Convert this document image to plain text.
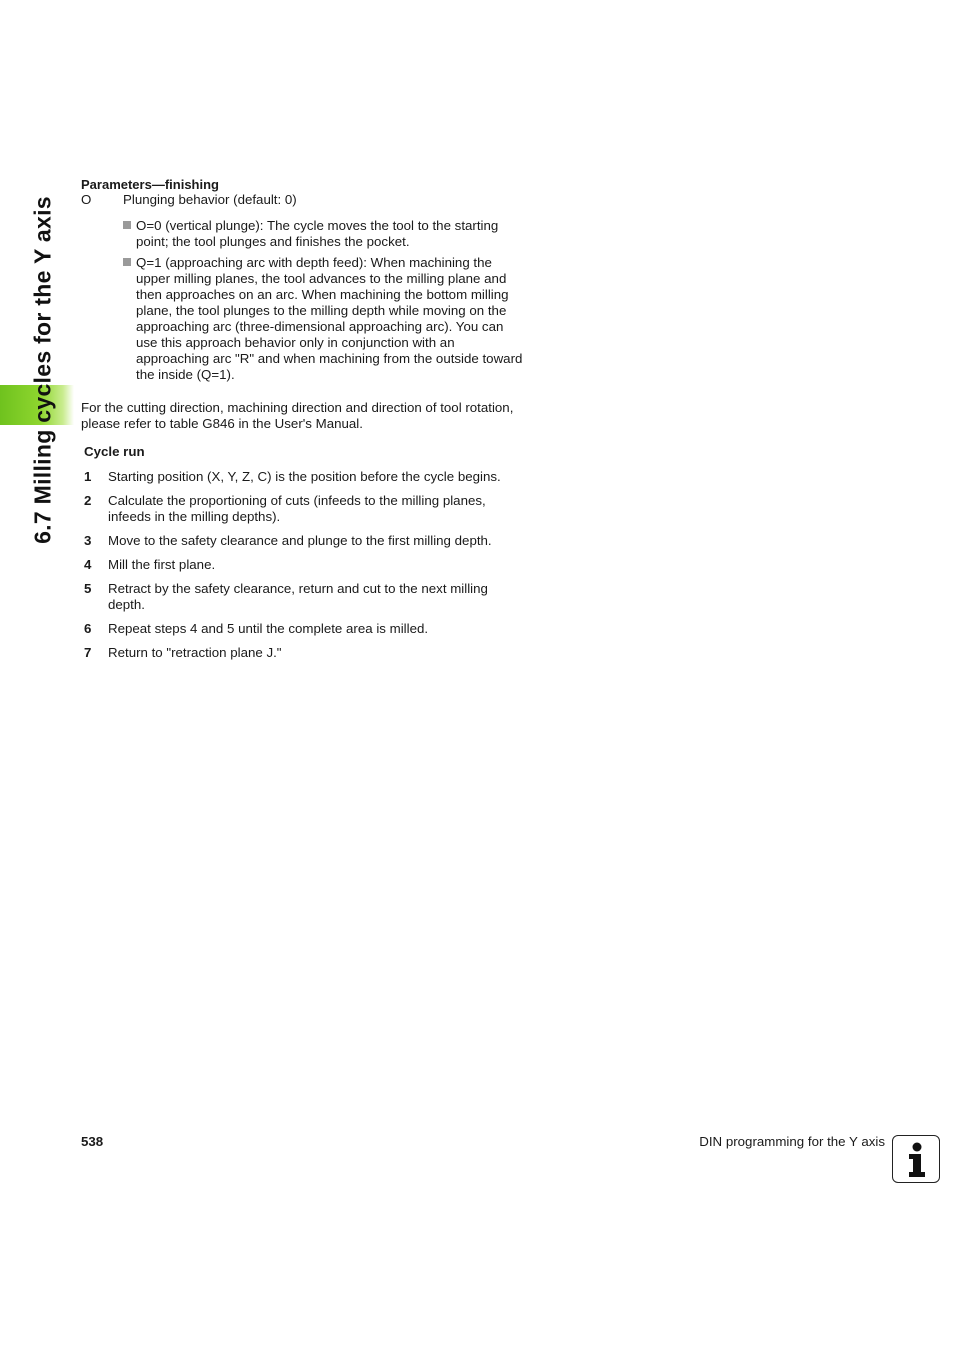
6.7 Milling cycles for the Y axis
Parameters—finishing
O	Plunging behavior (default: 0)
O=0 (vertical plunge): The cycle moves the tool to the starting point; the tool plunges and finishes the pocket.
Q=1 (approaching arc with depth feed): When machining the upper milling planes, the tool advances to the milling plane and then approaches on an arc. When machining the bottom milling plane, the tool plunges to the milling depth while moving on the approaching arc (three-dimensional approaching arc). You can use this approach behavior only in conjunction with an approaching arc "R" and when machining from the outside toward the inside (Q=1).
For the cutting direction, machining direction and direction of tool rotation, please refer to table G846 in the User's Manual.
Cycle run
1	Starting position (X, Y, Z, C) is the position before the cycle begins.
2	Calculate the proportioning of cuts (infeeds to the milling planes, infeeds in the milling depths).
3	Move to the safety clearance and plunge to the first milling depth.
4	Mill the first plane.
5	Retract by the safety clearance, return and cut to the next milling depth.
6	Repeat steps 4 and 5 until the complete area is milled.
7	Return to "retraction plane J."
538	DIN programming for the Y axis
